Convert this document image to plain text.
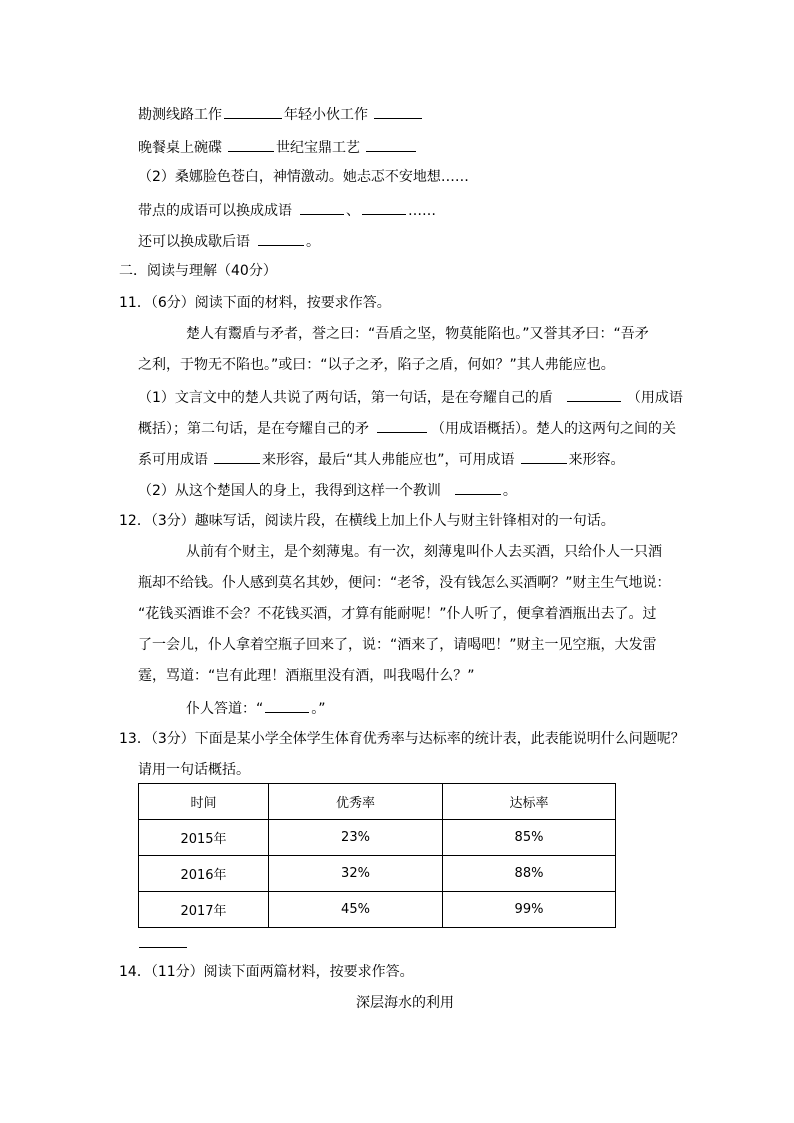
勘测线路工作	年轻小伙工作
晚餐桌上碗碟	世纪宝鼎工艺
（2）桑娜脸色苍白，神情激动。她忐忑不安地想……
带点的成语可以换成成语	、	……
还可以换成歇后语	。
二．阅读与理解（40分）
11．（6分）阅读下面的材料，按要求作答。
楚人有鬻盾与矛者，誉之曰：“吾盾之坚，物莫能陷也。”又誉其矛曰：“吾矛
之利，于物无不陷也。”或曰：“以子之矛，陷子之盾，何如？”其人弗能应也。
（1）文言文中的楚人共说了两句话，第一句话，是在夸耀自己的盾	（用成语
概括）；第二句话，是在夸耀自己的矛	（用成语概括）。楚人的这两句之间的关
系可用成语	来形容，最后“其人弗能应也”，可用成语	来形容。
（2）从这个楚国人的身上，我得到这样一个教训	。
12．（3分）趣味写话，阅读片段，在横线上加上仆人与财主针锋相对的一句话。
从前有个财主，是个刻薄鬼。有一次，刻薄鬼叫仆人去买酒，只给仆人一只酒
瓶却不给钱。仆人感到莫名其妙，便问：“老爷，没有钱怎么买酒啊？”财主生气地说：
“花钱买酒谁不会？不花钱买酒，才算有能耐呢！”仆人听了，便拿着酒瓶出去了。过
了一会儿，仆人拿着空瓶子回来了，说：“酒来了，请喝吧！”财主一见空瓶，大发雷
霆，骂道：“岂有此理！酒瓶里没有酒，叫我喝什么？”
仆人答道：“	。”
13．（3分）下面是某小学全体学生体育优秀率与达标率的统计表，此表能说明什么问题呢？
请用一句话概括。
时间	优秀率	达标率
2015年	23%	85%
2016年	32%	88%
2017年	45%	99%
14．（11分）阅读下面两篇材料，按要求作答。
深层海水的利用
